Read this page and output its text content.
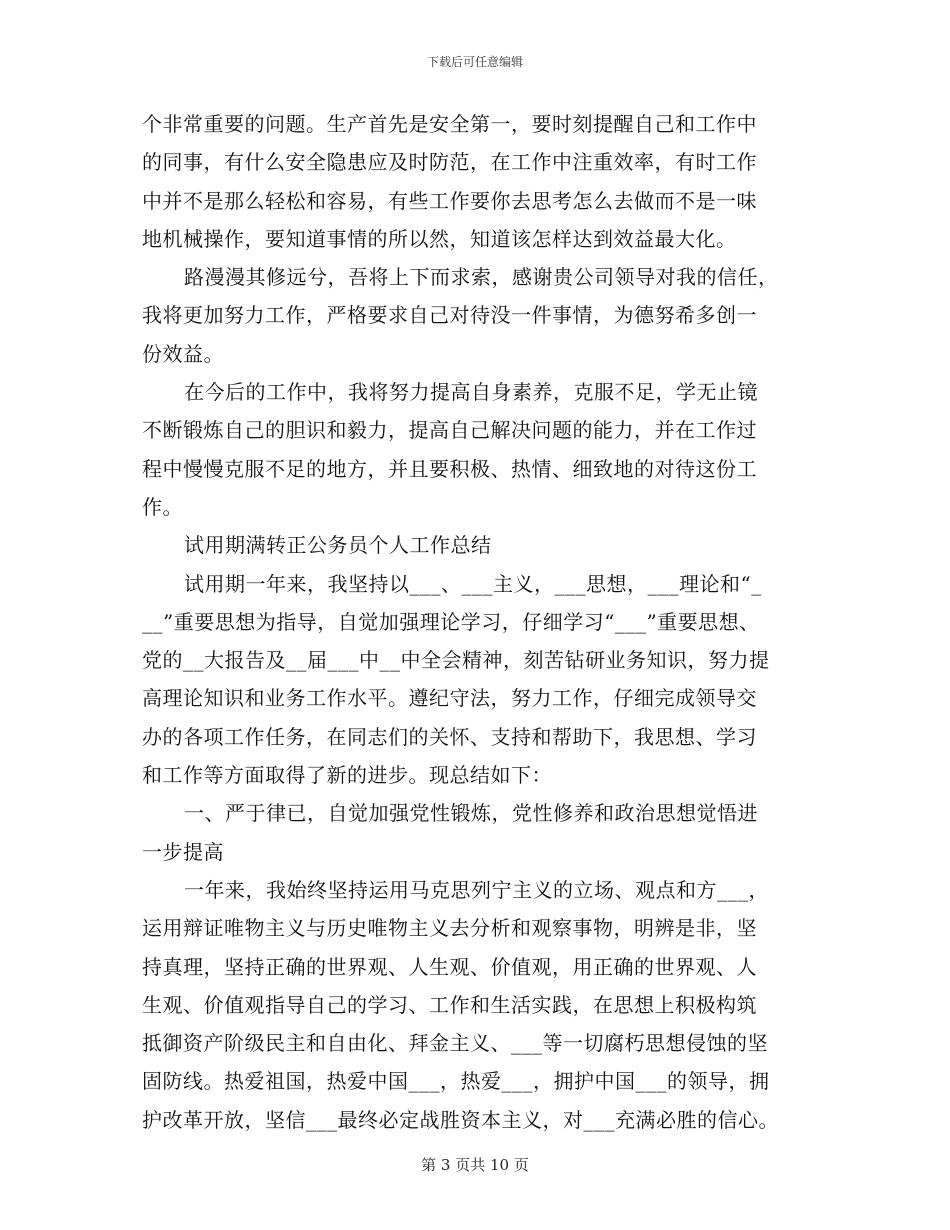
下载后可任意编辑
个非常重要的问题。生产首先是安全第一，要时刻提醒自己和工作中
的同事，有什么安全隐患应及时防范，在工作中注重效率，有时工作
中并不是那么轻松和容易，有些工作要你去思考怎么去做而不是一味
地机械操作，要知道事情的所以然，知道该怎样达到效益最大化。
路漫漫其修远兮，吾将上下而求索，感谢贵公司领导对我的信任，
我将更加努力工作，严格要求自己对待没一件事情，为德努希多创一
份效益。
在今后的工作中，我将努力提高自身素养，克服不足，学无止镜
不断锻炼自己的胆识和毅力，提高自己解决问题的能力，并在工作过
程中慢慢克服不足的地方，并且要积极、热情、细致地的对待这份工
作。
试用期满转正公务员个人工作总结
试用期一年来，我坚持以___、___主义，___思想，___理论和“_
__”重要思想为指导，自觉加强理论学习，仔细学习“___”重要思想、
党的__大报告及__届___中__中全会精神，刻苦钻研业务知识，努力提
高理论知识和业务工作水平。遵纪守法，努力工作，仔细完成领导交
办的各项工作任务，在同志们的关怀、支持和帮助下，我思想、学习
和工作等方面取得了新的进步。现总结如下：
一、严于律已，自觉加强党性锻炼，党性修养和政治思想觉悟进
一步提高
一年来，我始终坚持运用马克思列宁主义的立场、观点和方___，
运用辩证唯物主义与历史唯物主义去分析和观察事物，明辨是非，坚
持真理，坚持正确的世界观、人生观、价值观，用正确的世界观、人
生观、价值观指导自己的学习、工作和生活实践，在思想上积极构筑
抵御资产阶级民主和自由化、拜金主义、___等一切腐朽思想侵蚀的坚
固防线。热爱祖国，热爱中国___，热爱___，拥护中国___的领导，拥
护改革开放，坚信___最终必定战胜资本主义，对___充满必胜的信心。
第 3 页共 10 页
